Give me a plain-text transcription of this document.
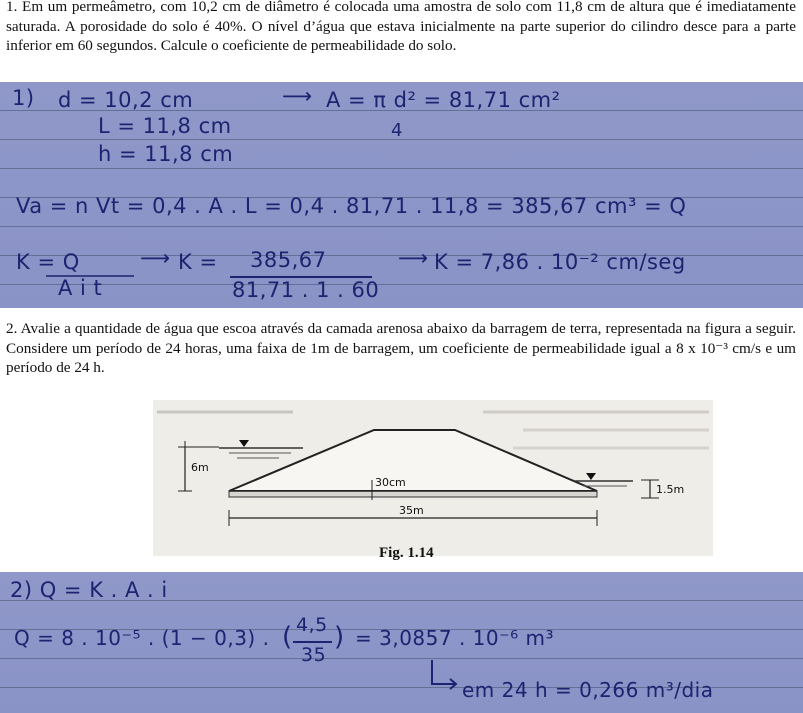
1. Em um permeâmetro, com 10,2 cm de diâmetro é colocada uma amostra de solo com 11,8 cm de altura que é imediatamente saturada. A porosidade do solo é 40%. O nível d’água que estava inicialmente na parte superior do cilindro desce para a parte inferior em 60 segundos. Calcule o coeficiente de permeabilidade do solo.
1) d = 10,2 cm	⟶ A = π d² = 81,71 cm²
4
L = 11,8 cm
h = 11,8 cm
Va = n Vt = 0,4 . A . L = 0,4 . 81,71 . 11,8 = 385,67 cm³ = Q
K = Q	⟶ K = 385,67	⟶ K = 7,86 . 10⁻² cm/seg
A i t	81,71 . 1 . 60
2. Avalie a quantidade de água que escoa através da camada arenosa abaixo da barragem de terra, representada na figura a seguir. Considere um período de 24 horas, uma faixa de 1m de barragem, um coeficiente de permeabilidade igual a 8 x 10⁻³ cm/s e um período de 24 h.
6m
30cm
1.5m
35m
Fig. 1.14
2) Q = K . A . i
Q = 8 . 10⁻⁵ . (1 − 0,3) . ( 4,5
35
) = 3,0857 . 10⁻⁶ m³
em 24 h = 0,266 m³/dia
